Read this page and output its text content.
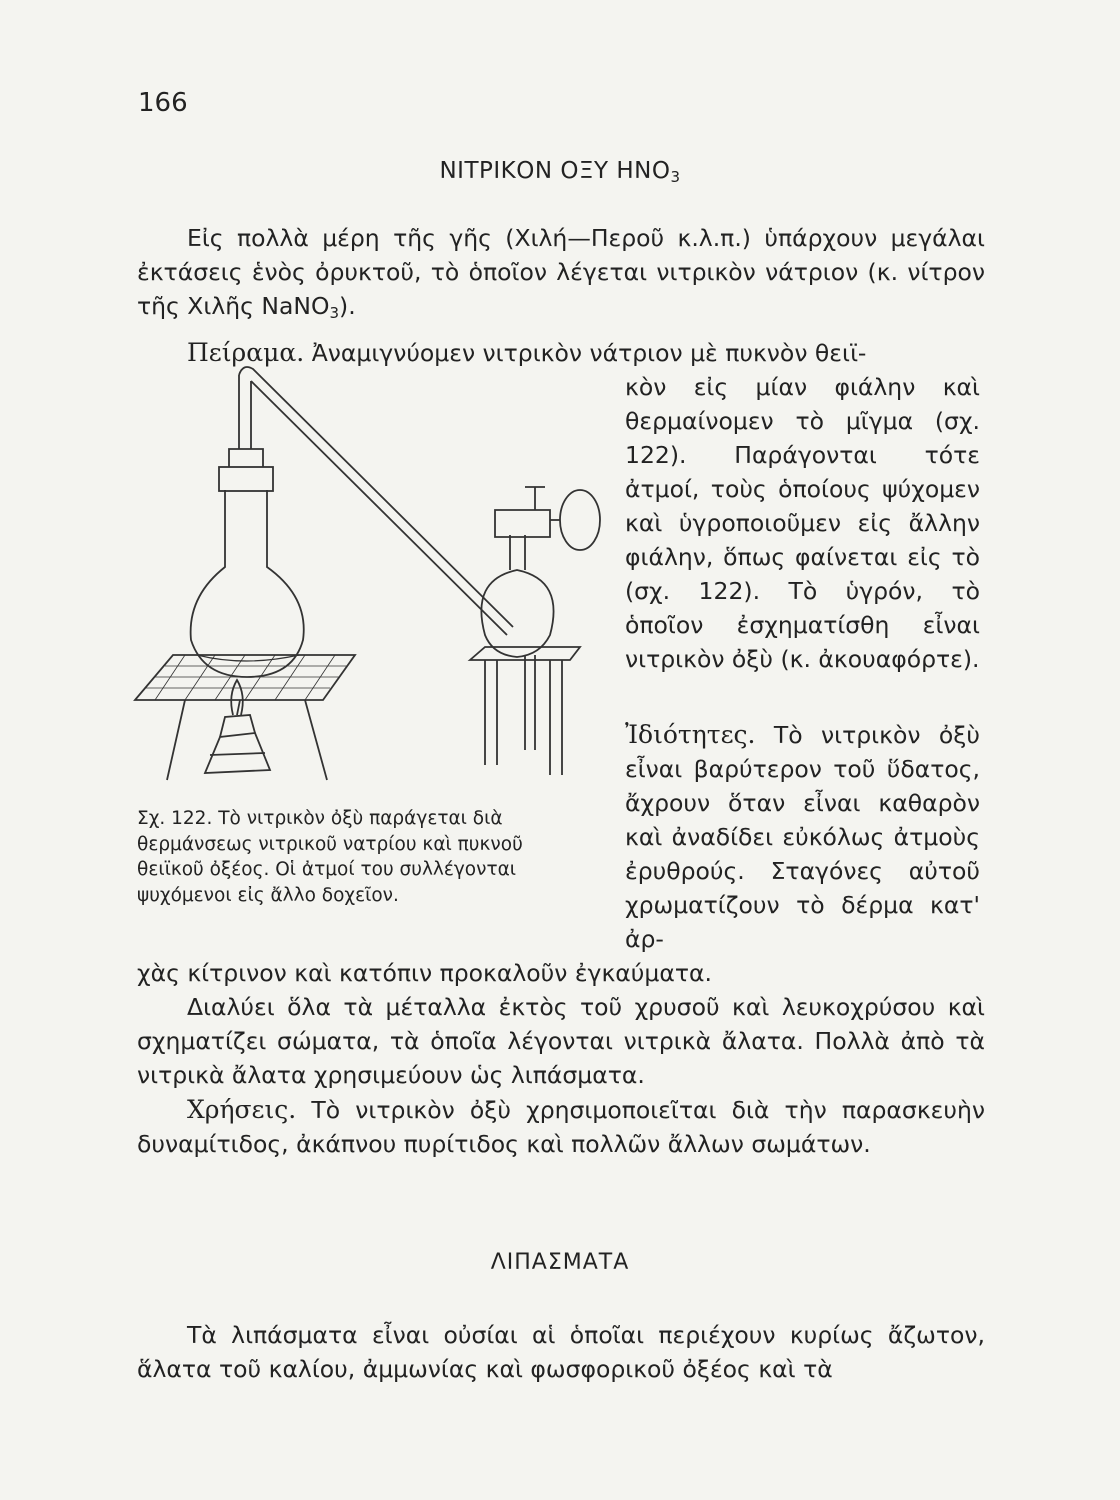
166
ΝΙΤΡΙΚΟΝ ΟΞΥ $HNO_3$

Εἰς πολλὰ μέρη τῆς γῆς (Χιλή—Περοῦ κ.λ.π.) ὑπάρχουν μεγάλαι ἐκτάσεις ἑνὸς ὀρυκτοῦ, τὸ ὁποῖον λέγεται νιτρικὸν νάτριον (κ. νίτρον τῆς Χιλῆς NaNO$_3$).

Πείραμα. Ἀναμιγνύομεν νιτρικὸν νάτριον μὲ πυκνὸν θειϊ-

κὸν εἰς μίαν φιάλην καὶ θερμαίνομεν τὸ μῖγμα (σχ. 122). Παράγονται τότε ἀτμοί, τοὺς ὁποίους ψύχομεν καὶ ὑγροποιοῦμεν εἰς ἄλλην φιάλην, ὅπως φαίνεται εἰς τὸ (σχ. 122). Τὸ ὑγρόν, τὸ ὁποῖον ἐσχηματίσθη εἶναι νιτρικὸν ὀξὺ (κ. ἀκουαφόρτε).

Ἰδιότητες. Τὸ νιτρικὸν ὀξὺ εἶναι βαρύτερον τοῦ ὕδατος, ἄχρουν ὅταν εἶναι καθαρὸν καὶ ἀναδίδει εὐκόλως ἀτμοὺς ἐρυθρούς. Σταγόνες αὐτοῦ χρωματίζουν τὸ δέρμα κατ' ἀρ-

Σχ. 122. Τὸ νιτρικὸν ὀξὺ παράγεται διὰ θερμάνσεως νιτρικοῦ νατρίου καὶ πυκνοῦ θειϊκοῦ ὀξέος. Οἱ ἀτμοί του συλλέγονται ψυχόμενοι εἰς ἄλλο δοχεῖον.

χὰς κίτρινον καὶ κατόπιν προκαλοῦν ἐγκαύματα.

Διαλύει ὅλα τὰ μέταλλα ἐκτὸς τοῦ χρυσοῦ καὶ λευκοχρύσου καὶ σχηματίζει σώματα, τὰ ὁποῖα λέγονται νιτρικὰ ἄλατα. Πολλὰ ἀπὸ τὰ νιτρικὰ ἄλατα χρησιμεύουν ὡς λιπάσματα.

Χρήσεις. Τὸ νιτρικὸν ὀξὺ χρησιμοποιεῖται διὰ τὴν παρασκευὴν δυναμίτιδος, ἀκάπνου πυρίτιδος καὶ πολλῶν ἄλλων σωμάτων.

ΛΙΠΑΣΜΑΤΑ

Τὰ λιπάσματα εἶναι οὐσίαι αἱ ὁποῖαι περιέχουν κυρίως ἄζωτον, ἅλατα τοῦ καλίου, ἀμμωνίας καὶ φωσφορικοῦ ὀξέος καὶ τὰ
